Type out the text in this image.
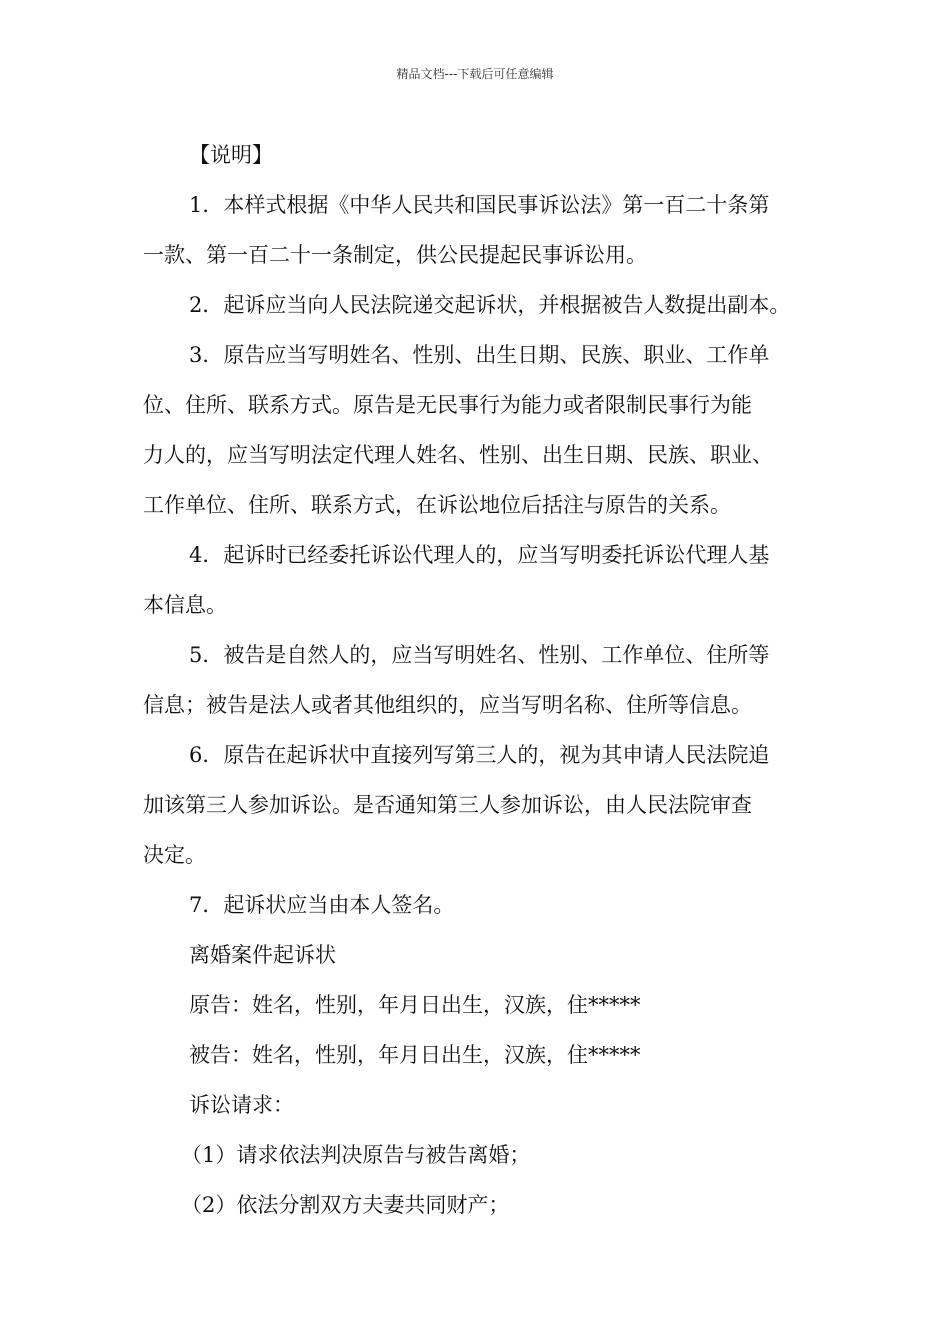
精品文档---下载后可任意编辑

【说明】

1．本样式根据《中华人民共和国民事诉讼法》第一百二十条第
一款、第一百二十一条制定，供公民提起民事诉讼用。

2．起诉应当向人民法院递交起诉状，并根据被告人数提出副本。

3．原告应当写明姓名、性别、出生日期、民族、职业、工作单
位、住所、联系方式。原告是无民事行为能力或者限制民事行为能
力人的，应当写明法定代理人姓名、性别、出生日期、民族、职业、
工作单位、住所、联系方式，在诉讼地位后括注与原告的关系。

4．起诉时已经委托诉讼代理人的，应当写明委托诉讼代理人基
本信息。

5．被告是自然人的，应当写明姓名、性别、工作单位、住所等
信息；被告是法人或者其他组织的，应当写明名称、住所等信息。

6．原告在起诉状中直接列写第三人的，视为其申请人民法院追
加该第三人参加诉讼。是否通知第三人参加诉讼，由人民法院审查
决定。

7．起诉状应当由本人签名。

离婚案件起诉状

原告：姓名，性别，年月日出生，汉族，住*****

被告：姓名，性别，年月日出生，汉族，住*****

诉讼请求：

（1）请求依法判决原告与被告离婚；

（2）依法分割双方夫妻共同财产；
